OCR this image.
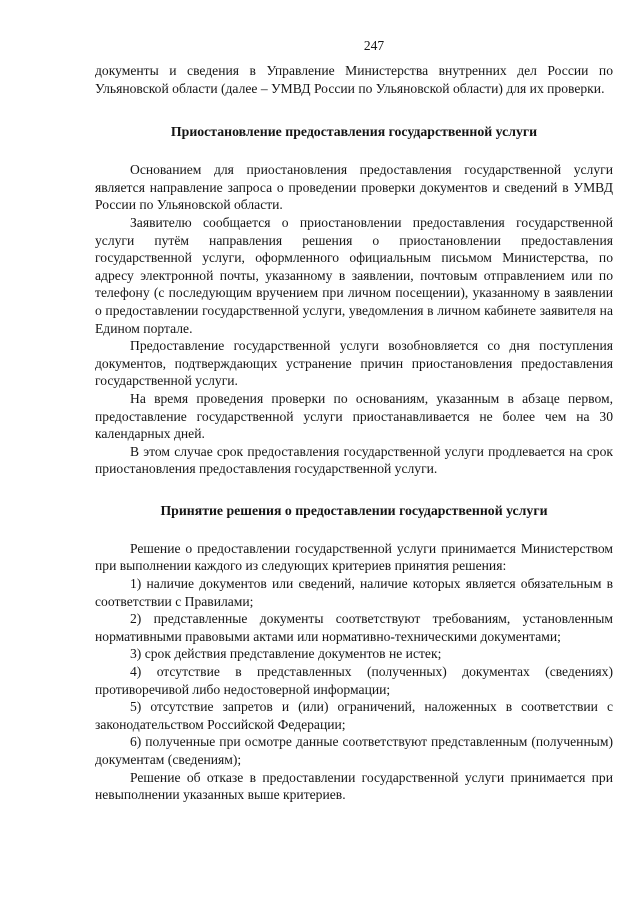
247

документы и сведения в Управление Министерства внутренних дел России по Ульяновской области (далее – УМВД России по Ульяновской области) для их проверки.

Приостановление предоставления государственной услуги

Основанием для приостановления предоставления государственной услуги является направление запроса о проведении проверки документов и сведений в УМВД России по Ульяновской области.

Заявителю сообщается о приостановлении предоставления государственной услуги путём направления решения о приостановлении предоставления государственной услуги, оформленного официальным письмом Министерства, по адресу электронной почты, указанному в заявлении, почтовым отправлением или по телефону (с последующим вручением при личном посещении), указанному в заявлении о предоставлении государственной услуги, уведомления в личном кабинете заявителя на Едином портале.

Предоставление государственной услуги возобновляется со дня поступления документов, подтверждающих устранение причин приостановления предоставления государственной услуги.

На время проведения проверки по основаниям, указанным в абзаце первом, предоставление государственной услуги приостанавливается не более чем на 30 календарных дней.

В этом случае срок предоставления государственной услуги продлевается на срок приостановления предоставления государственной услуги.

Принятие решения о предоставлении государственной услуги

Решение о предоставлении государственной услуги принимается Министерством при выполнении каждого из следующих критериев принятия решения:

1) наличие документов или сведений, наличие которых является обязательным в соответствии с Правилами;

2) представленные документы соответствуют требованиям, установленным нормативными правовыми актами или нормативно-техническими документами;

3) срок действия представление документов не истек;

4) отсутствие в представленных (полученных) документах (сведениях) противоречивой либо недостоверной информации;

5) отсутствие запретов и (или) ограничений, наложенных в соответствии с законодательством Российской Федерации;

6) полученные при осмотре данные соответствуют представленным (полученным) документам (сведениям);

Решение об отказе в предоставлении государственной услуги принимается при невыполнении указанных выше критериев.
